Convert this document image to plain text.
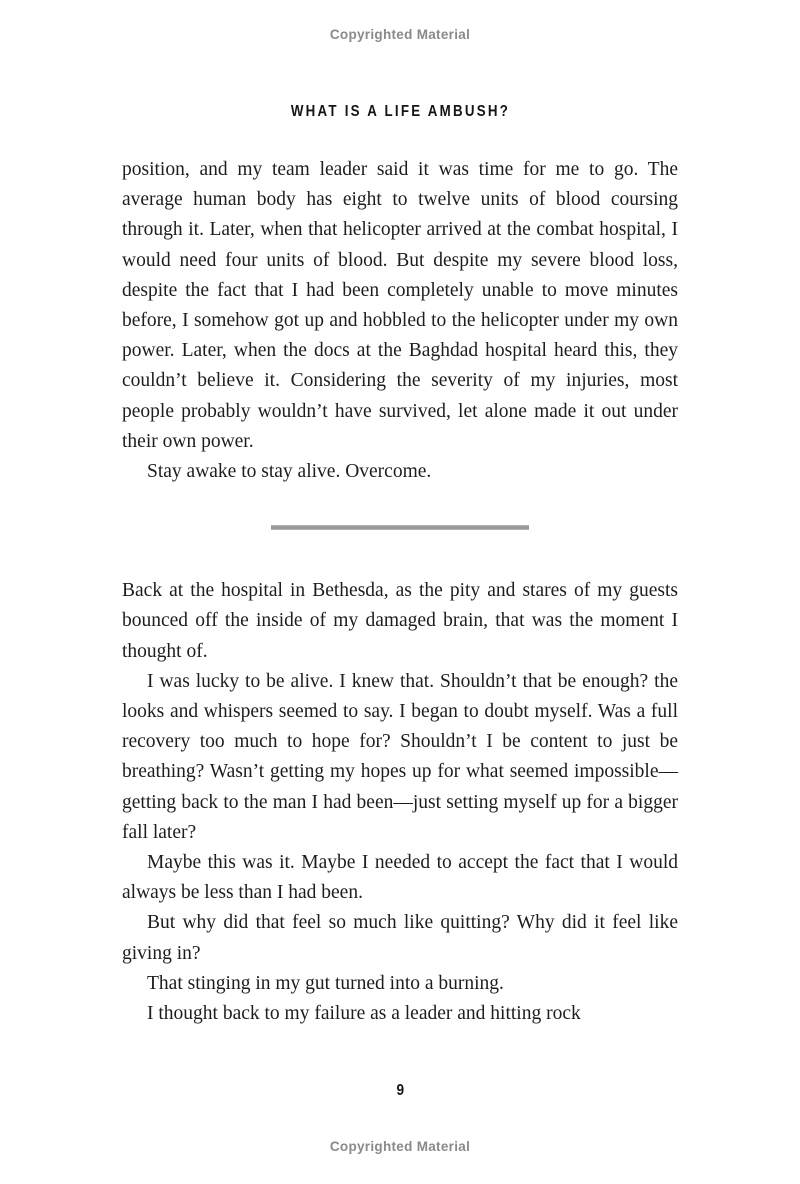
Copyrighted Material
WHAT IS A LIFE AMBUSH?

position, and my team leader said it was time for me to go. The average human body has eight to twelve units of blood coursing through it. Later, when that helicopter arrived at the combat hospital, I would need four units of blood. But despite my severe blood loss, despite the fact that I had been completely unable to move minutes before, I somehow got up and hobbled to the helicopter under my own power. Later, when the docs at the Baghdad hospital heard this, they couldn’t believe it. Considering the severity of my injuries, most people probably wouldn’t have survived, let alone made it out under their own power.

Stay awake to stay alive. Overcome.

Back at the hospital in Bethesda, as the pity and stares of my guests bounced off the inside of my damaged brain, that was the moment I thought of.

I was lucky to be alive. I knew that. Shouldn’t that be enough? the looks and whispers seemed to say. I began to doubt myself. Was a full recovery too much to hope for? Shouldn’t I be content to just be breathing? Wasn’t getting my hopes up for what seemed impossible—getting back to the man I had been—just setting myself up for a bigger fall later?

Maybe this was it. Maybe I needed to accept the fact that I would always be less than I had been.

But why did that feel so much like quitting? Why did it feel like giving in?

That stinging in my gut turned into a burning.

I thought back to my failure as a leader and hitting rock

9
Copyrighted Material
